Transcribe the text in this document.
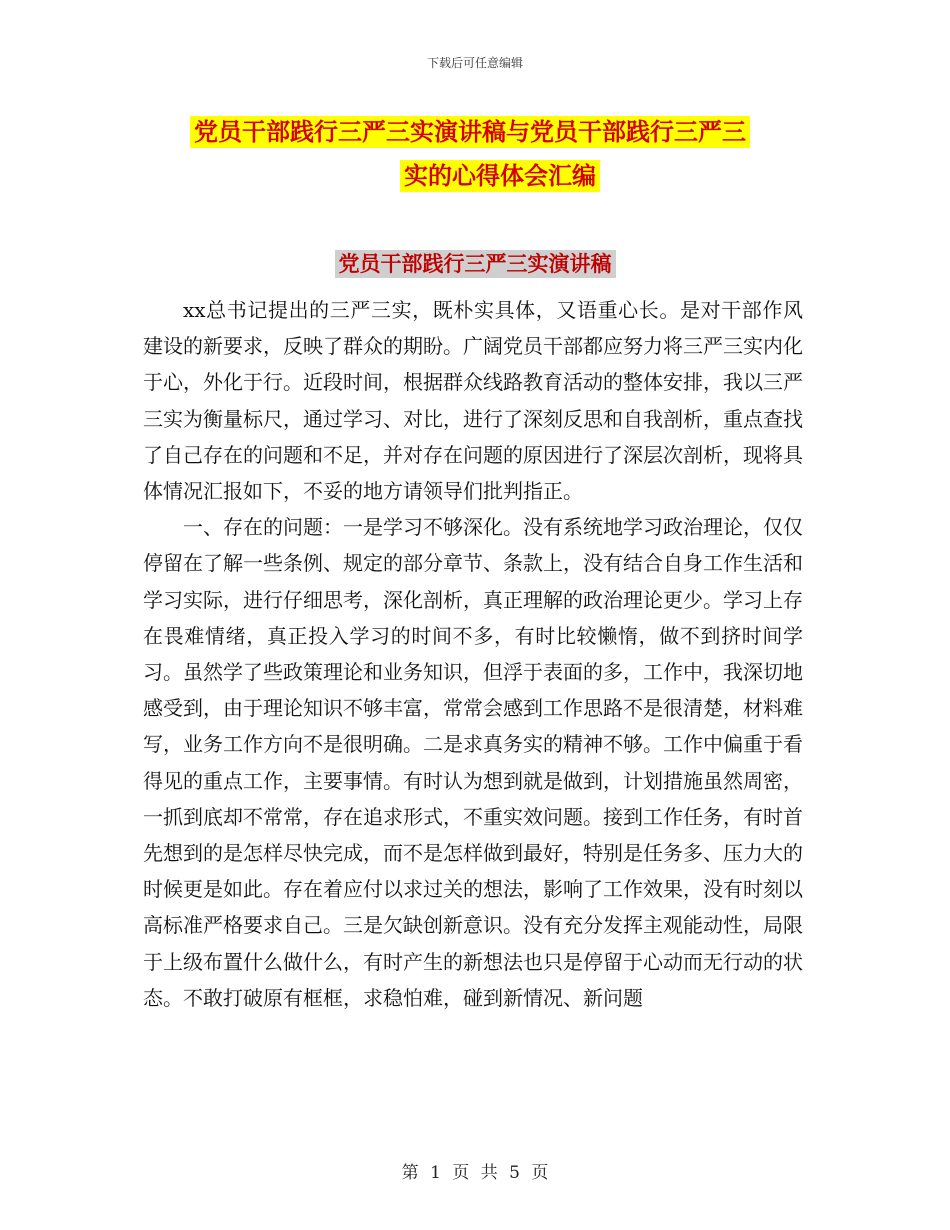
下载后可任意编辑
党员干部践行三严三实演讲稿与党员干部践行三严三
实的心得体会汇编
党员干部践行三严三实演讲稿

xx总书记提出的三严三实，既朴实具体，又语重心长。是对干部作风建设的新要求，反映了群众的期盼。广阔党员干部都应努力将三严三实内化于心，外化于行。近段时间，根据群众线路教育活动的整体安排，我以三严三实为衡量标尺，通过学习、对比，进行了深刻反思和自我剖析，重点查找了自己存在的问题和不足，并对存在问题的原因进行了深层次剖析，现将具体情况汇报如下，不妥的地方请领导们批判指正。

一、存在的问题：一是学习不够深化。没有系统地学习政治理论，仅仅停留在了解一些条例、规定的部分章节、条款上，没有结合自身工作生活和学习实际，进行仔细思考，深化剖析，真正理解的政治理论更少。学习上存在畏难情绪，真正投入学习的时间不多，有时比较懒惰，做不到挤时间学习。虽然学了些政策理论和业务知识，但浮于表面的多，工作中，我深切地感受到，由于理论知识不够丰富，常常会感到工作思路不是很清楚，材料难写，业务工作方向不是很明确。二是求真务实的精神不够。工作中偏重于看得见的重点工作，主要事情。有时认为想到就是做到，计划措施虽然周密，一抓到底却不常常，存在追求形式，不重实效问题。接到工作任务，有时首先想到的是怎样尽快完成，而不是怎样做到最好，特别是任务多、压力大的时候更是如此。存在着应付以求过关的想法，影响了工作效果，没有时刻以高标准严格要求自己。三是欠缺创新意识。没有充分发挥主观能动性，局限于上级布置什么做什么，有时产生的新想法也只是停留于心动而无行动的状态。不敢打破原有框框，求稳怕难，碰到新情况、新问题

第 1 页 共 5 页
